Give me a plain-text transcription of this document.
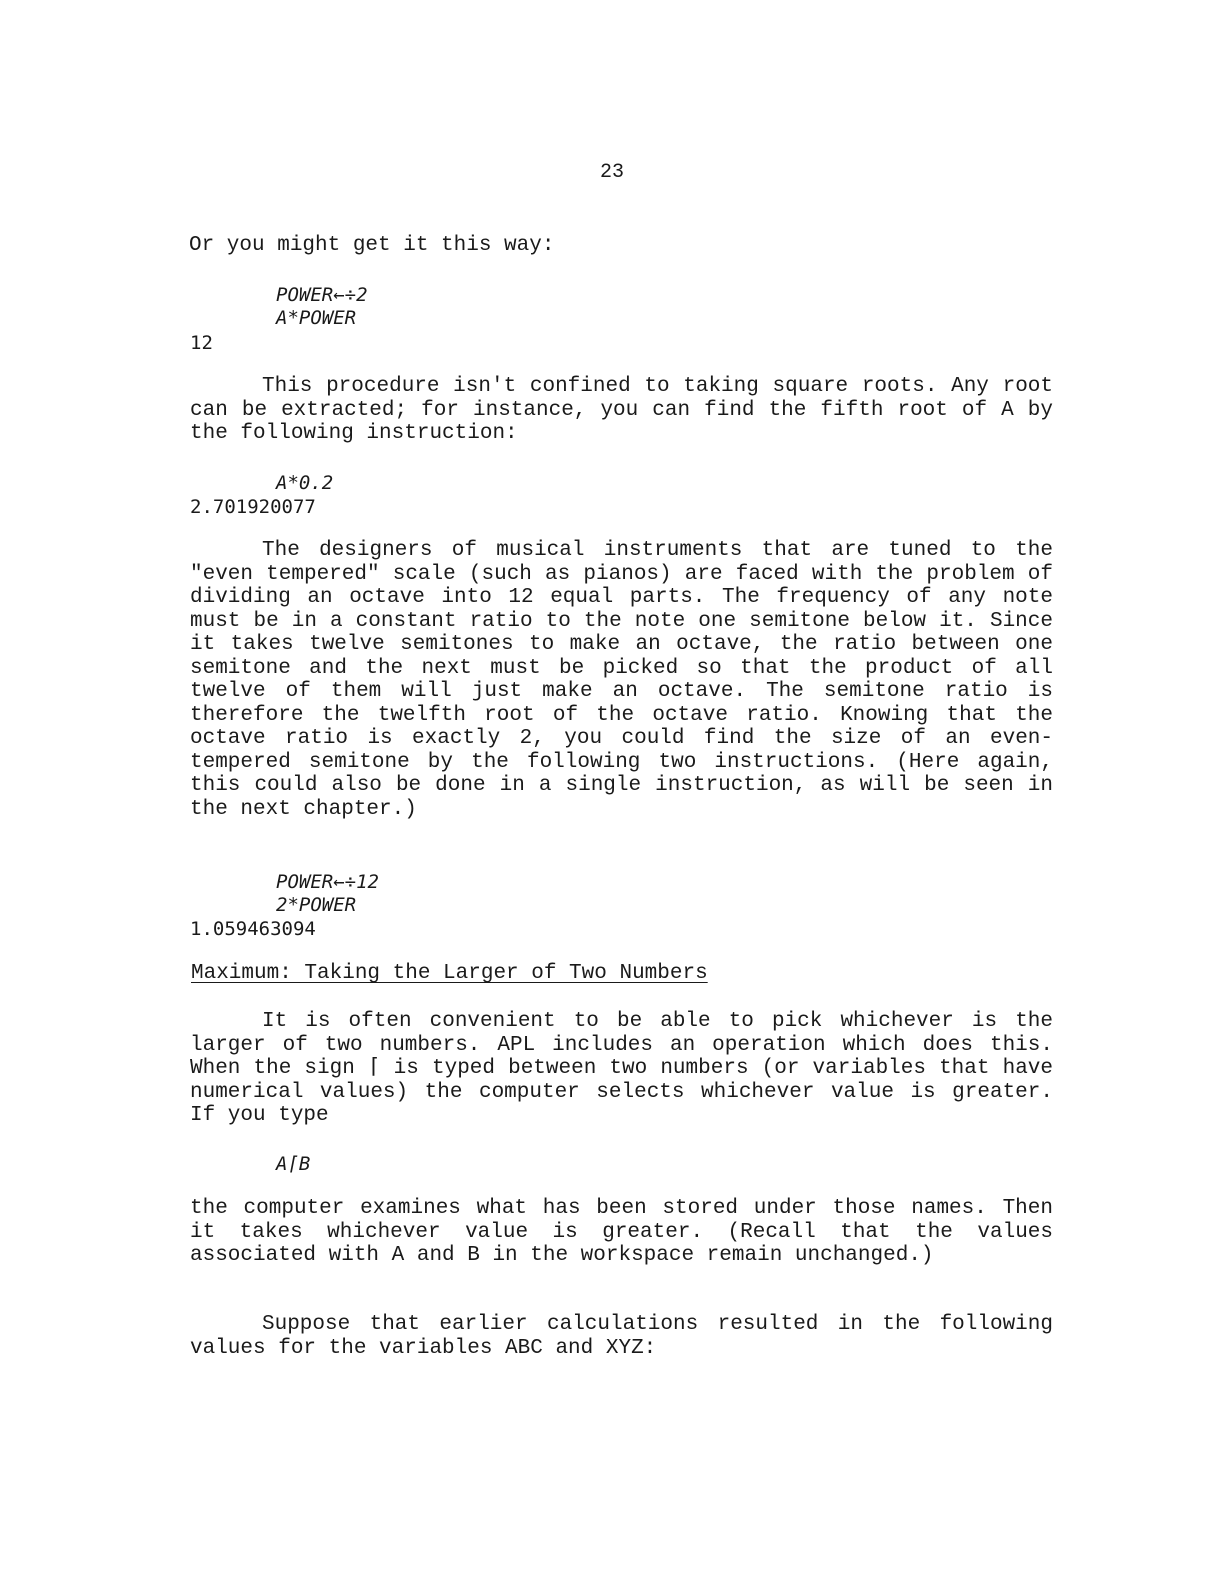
23
Or you might get it this way:
POWER←÷2
A*POWER
12
This procedure isn't confined to taking square roots. Any root can be extracted; for instance, you can find the fifth root of A by the following instruction:
A*0.2
2.701920077
The designers of musical instruments that are tuned to the "even tempered" scale (such as pianos) are faced with the problem of dividing an octave into 12 equal parts. The frequency of any note must be in a constant ratio to the note one semitone below it. Since it takes twelve semitones to make an octave, the ratio between one semitone and the next must be picked so that the product of all twelve of them will just make an octave. The semitone ratio is therefore the twelfth root of the octave ratio. Knowing that the octave ratio is exactly 2, you could find the size of an even-tempered semitone by the following two instructions. (Here again, this could also be done in a single instruction, as will be seen in the next chapter.)
POWER←÷12
2*POWER
1.059463094
Maximum: Taking the Larger of Two Numbers
It is often convenient to be able to pick whichever is the larger of two numbers. APL includes an operation which does this. When the sign ⌈ is typed between two numbers (or variables that have numerical values) the computer selects whichever value is greater. If you type
A⌈B
the computer examines what has been stored under those names. Then it takes whichever value is greater. (Recall that the values associated with A and B in the workspace remain unchanged.)
Suppose that earlier calculations resulted in the following values for the variables ABC and XYZ:
